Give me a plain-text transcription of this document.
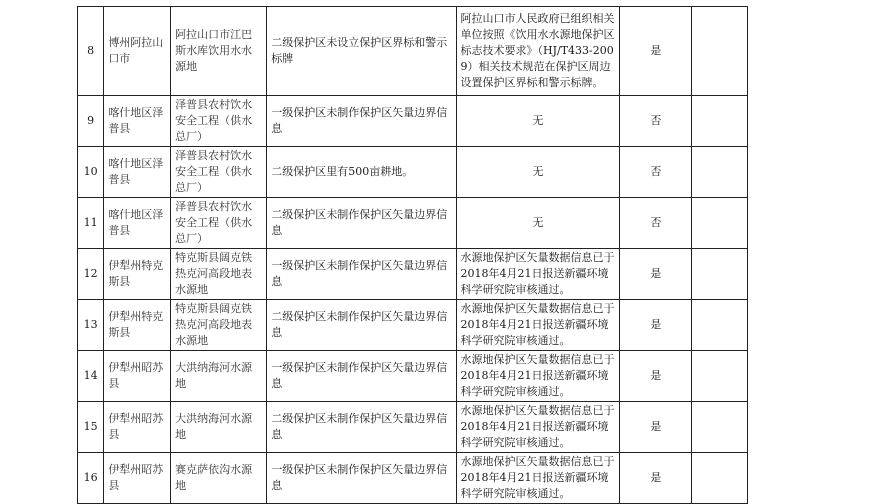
8	博州阿拉山口市	阿拉山口市江巴斯水库饮用水水源地	二级保护区未设立保护区界标和警示标牌	阿拉山口市人民政府已组织相关单位按照《饮用水水源地保护区标志技术要求》（HJ/T433-2009）相关技术规范在保护区周边设置保护区界标和警示标牌。	是	
9	喀什地区泽普县	泽普县农村饮水安全工程（供水总厂）	一级保护区未制作保护区矢量边界信息	无	否	
10	喀什地区泽普县	泽普县农村饮水安全工程（供水总厂）	二级保护区里有500亩耕地。	无	否	
11	喀什地区泽普县	泽普县农村饮水安全工程（供水总厂）	二级保护区未制作保护区矢量边界信息	无	否	
12	伊犁州特克斯县	特克斯县阔克铁热克河高段地表水源地	一级保护区未制作保护区矢量边界信息	水源地保护区矢量数据信息已于2018年4月21日报送新疆环境科学研究院审核通过。	是	
13	伊犁州特克斯县	特克斯县阔克铁热克河高段地表水源地	二级保护区未制作保护区矢量边界信息	水源地保护区矢量数据信息已于2018年4月21日报送新疆环境科学研究院审核通过。	是	
14	伊犁州昭苏县	大洪纳海河水源地	一级保护区未制作保护区矢量边界信息	水源地保护区矢量数据信息已于2018年4月21日报送新疆环境科学研究院审核通过。	是	
15	伊犁州昭苏县	大洪纳海河水源地	二级保护区未制作保护区矢量边界信息	水源地保护区矢量数据信息已于2018年4月21日报送新疆环境科学研究院审核通过。	是	
16	伊犁州昭苏县	赛克萨依沟水源地	一级保护区未制作保护区矢量边界信息	水源地保护区矢量数据信息已于2018年4月21日报送新疆环境科学研究院审核通过。	是	
